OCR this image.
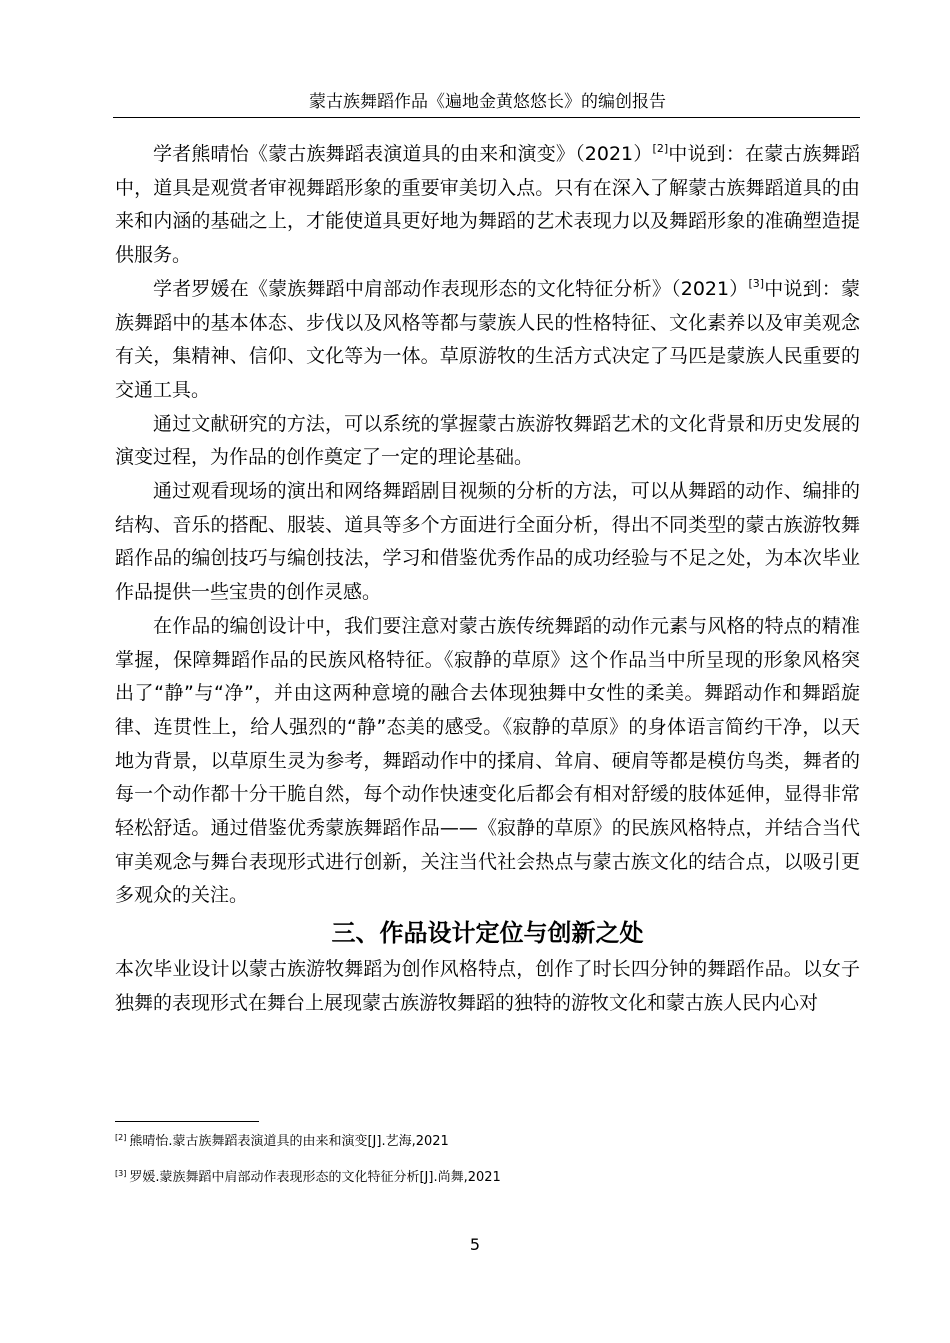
蒙古族舞蹈作品《遍地金黄悠悠长》的编创报告

学者熊晴怡《蒙古族舞蹈表演道具的由来和演变》（2021）[2]中说到：在蒙古族舞蹈中，道具是观赏者审视舞蹈形象的重要审美切入点。只有在深入了解蒙古族舞蹈道具的由来和内涵的基础之上，才能使道具更好地为舞蹈的艺术表现力以及舞蹈形象的准确塑造提供服务。

学者罗媛在《蒙族舞蹈中肩部动作表现形态的文化特征分析》（2021）[3]中说到：蒙族舞蹈中的基本体态、步伐以及风格等都与蒙族人民的性格特征、文化素养以及审美观念有关，集精神、信仰、文化等为一体。草原游牧的生活方式决定了马匹是蒙族人民重要的交通工具。

通过文献研究的方法，可以系统的掌握蒙古族游牧舞蹈艺术的文化背景和历史发展的演变过程，为作品的创作奠定了一定的理论基础。

通过观看现场的演出和网络舞蹈剧目视频的分析的方法，可以从舞蹈的动作、编排的结构、音乐的搭配、服装、道具等多个方面进行全面分析，得出不同类型的蒙古族游牧舞蹈作品的编创技巧与编创技法，学习和借鉴优秀作品的成功经验与不足之处，为本次毕业作品提供一些宝贵的创作灵感。

在作品的编创设计中，我们要注意对蒙古族传统舞蹈的动作元素与风格的特点的精准掌握，保障舞蹈作品的民族风格特征。《寂静的草原》这个作品当中所呈现的形象风格突出了“静”与“净”，并由这两种意境的融合去体现独舞中女性的柔美。舞蹈动作和舞蹈旋律、连贯性上，给人强烈的“静”态美的感受。《寂静的草原》的身体语言简约干净，以天地为背景，以草原生灵为参考，舞蹈动作中的揉肩、耸肩、硬肩等都是模仿鸟类，舞者的每一个动作都十分干脆自然，每个动作快速变化后都会有相对舒缓的肢体延伸，显得非常轻松舒适。通过借鉴优秀蒙族舞蹈作品——《寂静的草原》的民族风格特点，并结合当代审美观念与舞台表现形式进行创新，关注当代社会热点与蒙古族文化的结合点，以吸引更多观众的关注。

三、作品设计定位与创新之处

本次毕业设计以蒙古族游牧舞蹈为创作风格特点，创作了时长四分钟的舞蹈作品。以女子独舞的表现形式在舞台上展现蒙古族游牧舞蹈的独特的游牧文化和蒙古族人民内心对

[2] 熊晴怡.蒙古族舞蹈表演道具的由来和演变[J].艺海,2021
[3] 罗媛.蒙族舞蹈中肩部动作表现形态的文化特征分析[J].尚舞,2021
5
